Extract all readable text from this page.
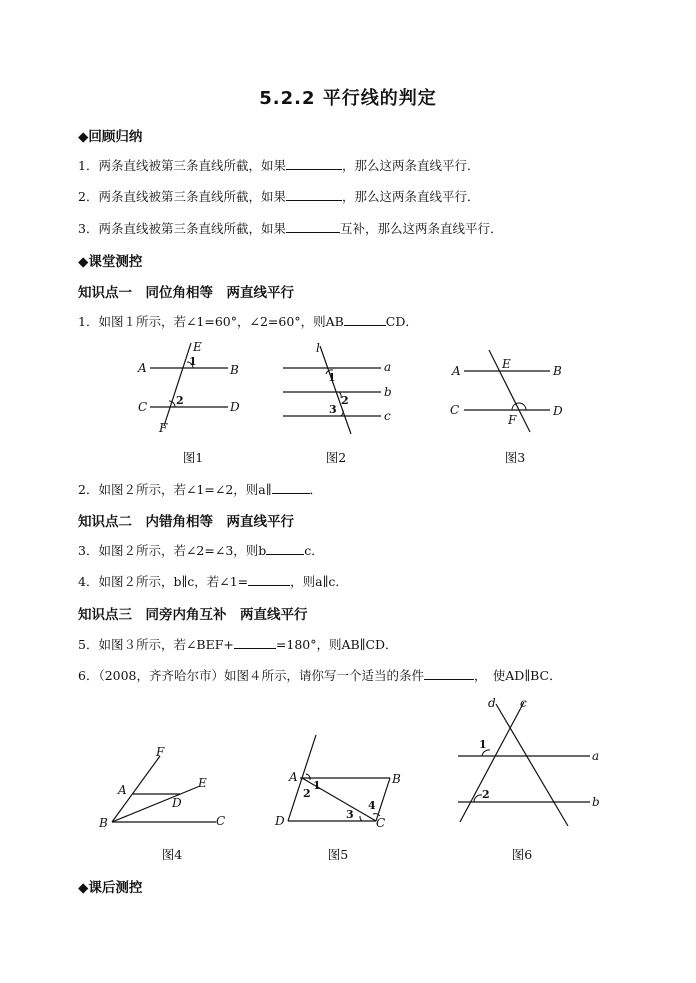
5.2.2 平行线的判定
◆回顾归纳
1．两条直线被第三条直线所截，如果	，那么这两条直线平行．
2．两条直线被第三条直线所截，如果	，那么这两条直线平行．
3．两条直线被第三条直线所截，如果	互补，那么这两条直线平行．
◆课堂测控
知识点一　同位角相等　两直线平行
1．如图１所示，若∠1=60°，∠2=60°，则AB	CD．
A	B
C	D
E
F
1
2
l
a
b
c
1
2
3
A	B
C	D
E
F
图1	图2	图3
2．如图２所示，若∠1=∠2，则a∥	．
知识点二　内错角相等　两直线平行
3．如图２所示，若∠2=∠3，则b	c．
4．如图２所示，b∥c，若∠1=	，则a∥c．
知识点三　同旁内角互补　两直线平行
5．如图３所示，若∠BEF+	=180°，则AB∥CD．
6．（2008，齐齐哈尔市）如图４所示，请你写一个适当的条件	，　使AD∥BC．
F
E
A
D
B	C
A	B
D	C
1
2
3
4
d c
a
b
1
2
图4	图5	图6
◆课后测控
